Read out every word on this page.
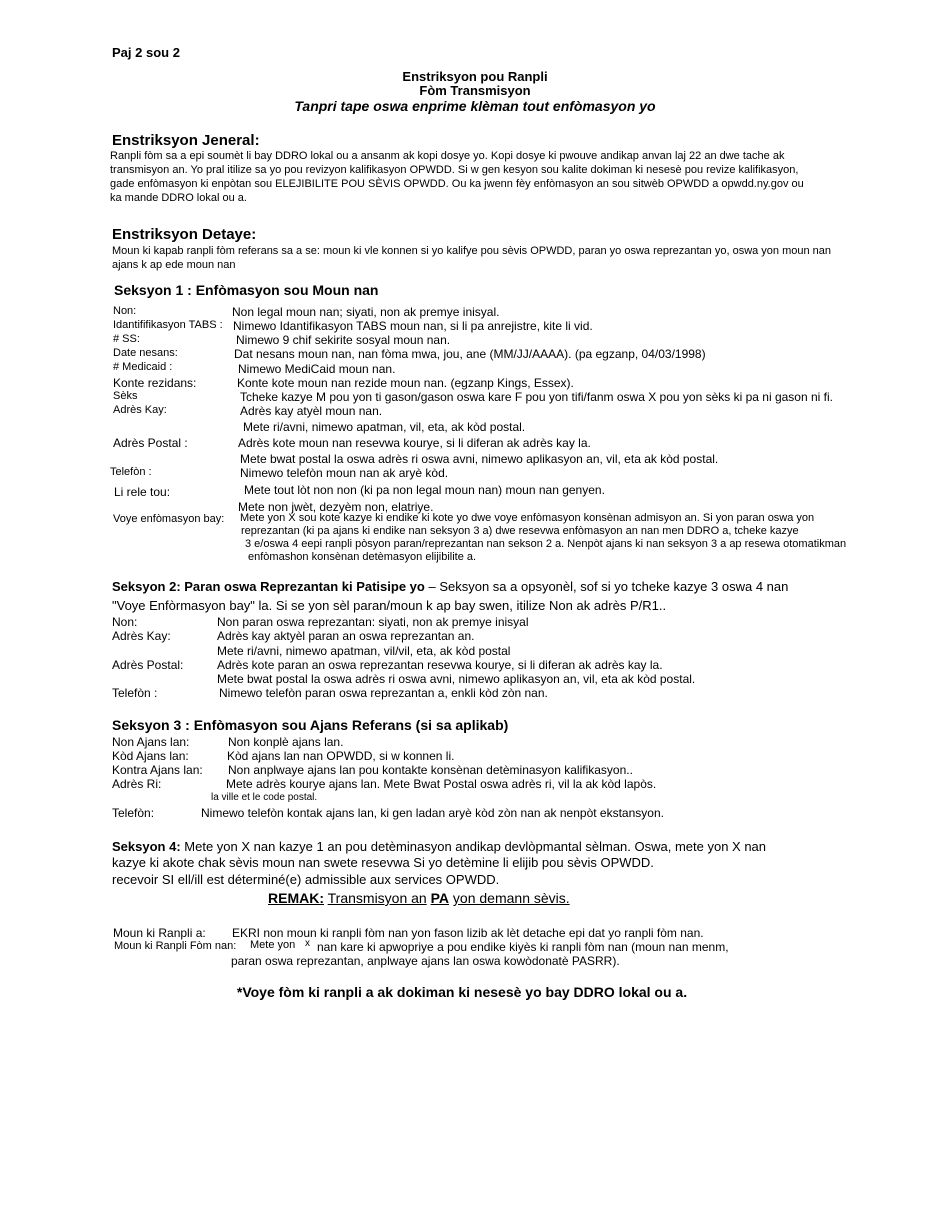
Paj 2 sou 2
Enstriksyon pou Ranpli
Fòm Transmisyon
Tanpri tape oswa enprime klèman tout enfòmasyon yo
Enstriksyon Jeneral:
Ranpli fòm sa a epi soumèt li bay DDRO lokal ou a ansanm ak kopi dosye yo. Kopi dosye ki pwouve andikap anvan laj 22 an dwe tache ak
transmisyon an. Yo pral itilize sa yo pou revizyon kalifikasyon OPWDD. Si w gen kesyon sou kalite dokiman ki nesesè pou revize kalifikasyon,
gade enfòmasyon ki enpòtan sou ELEJIBILITE POU SÈVIS OPWDD. Ou ka jwenn fèy enfòmasyon an sou sitwèb OPWDD a opwdd.ny.gov ou
ka mande DDRO lokal ou a.
Enstriksyon Detaye:
Moun ki kapab ranpli fòm referans sa a se: moun ki vle konnen si yo kalifye pou sèvis OPWDD, paran yo oswa reprezantan yo, oswa yon moun nan
ajans k ap ede moun nan
Seksyon 1 : Enfòmasyon sou Moun nan
Non:	Non legal moun nan; siyati, non ak premye inisyal.
Idantififikasyon TABS : Nimewo Idantifikasyon TABS moun nan, si li pa anrejistre, kite li vid.
# SS:	Nimewo 9 chif sekirite sosyal moun nan.
Date nesans:	Dat nesans moun nan, nan fòma mwa, jou, ane (MM/JJ/AAAA). (pa egzanp, 04/03/1998)
# Medicaid :	Nimewo MediCaid moun nan.
Konte rezidans:	Konte kote moun nan rezide moun nan. (egzanp Kings, Essex).
Sèks	Tcheke kazye M pou yon ti gason/gason oswa kare F pou yon tifi/fanm oswa X pou yon sèks ki pa ni gason ni fi.
Adrès Kay:	Adrès kay atyèl moun nan.
Mete ri/avni, nimewo apatman, vil, eta, ak kòd postal.
Adrès Postal :	Adrès kote moun nan resevwa kourye, si li diferan ak adrès kay la.
Mete bwat postal la oswa adrès ri oswa avni, nimewo aplikasyon an, vil, eta ak kòd postal.
Telefòn :	Nimewo telefòn moun nan ak aryè kòd.
Li rele tou:	Mete tout lòt non non (ki pa non legal moun nan) moun nan genyen.
Mete non jwèt, dezyèm non, elatriye.
Voye enfòmasyon bay: Mete yon X sou kote kazye ki endike ki kote yo dwe voye enfòmasyon konsènan admisyon an. Si yon paran oswa yon
reprezantan (ki pa ajans ki endike nan seksyon 3 a) dwe resevwa enfòmasyon an nan men DDRO a, tcheke kazye
3 e/oswa 4 eepi ranpli pòsyon paran/reprezantan nan sekson 2 a. Nenpòt ajans ki nan seksyon 3 a ap resewa otomatikman
enfòmashon konsènan detèmasyon elijibilite a.
Seksyon 2: Paran oswa Reprezantan ki Patisipe yo – Seksyon sa a opsyonèl, sof si yo tcheke kazye 3 oswa 4 nan
"Voye Enfòrmasyon bay" la. Si se yon sèl paran/moun k ap bay swen, itilize Non ak adrès P/R1..
Non:	Non paran oswa reprezantan: siyati, non ak premye inisyal
Adrès Kay:	Adrès kay aktyèl paran an oswa reprezantan an.
Mete ri/avni, nimewo apatman, vil/vil, eta, ak kòd postal
Adrès Postal:	Adrès kote paran an oswa reprezantan resevwa kourye, si li diferan ak adrès kay la.
Mete bwat postal la oswa adrès ri oswa avni, nimewo aplikasyon an, vil, eta ak kòd postal.
Telefòn :	Nimewo telefòn paran oswa reprezantan a, enkli kòd zòn nan.
Seksyon 3 : Enfòmasyon sou Ajans Referans (si sa aplikab)
Non Ajans lan:	Non konplè ajans lan.
Kòd Ajans lan:	Kòd ajans lan nan OPWDD, si w konnen li.
Kontra Ajans lan: Non anplwaye ajans lan pou kontakte konsènan detèminasyon kalifikasyon..
Adrès Ri:	Mete adrès kourye ajans lan. Mete Bwat Postal oswa adrès ri, vil la ak kòd lapòs.
la ville et le code postal.
Telefòn:	Nimewo telefòn kontak ajans lan, ki gen ladan aryè kòd zòn nan ak nenpòt ekstansyon.
Seksyon 4: Mete yon X nan kazye 1 an pou detèminasyon andikap devlòpmantal sèlman. Oswa, mete yon X nan
kazye ki akote chak sèvis moun nan swete resevwa Si yo detèmine li elijib pou sèvis OPWDD.
recevoir SI ell/ill est déterminé(e) admissible aux services OPWDD.
REMAK: Transmisyon an PA yon demann sèvis.
Moun ki Ranpli a: EKRI non moun ki ranpli fòm nan yon fason lizib ak lèt detache epi dat yo ranpli fòm nan.
Moun ki Ranpli Fòm nan: Mete yon x nan kare ki apwopriye a pou endike kiyès ki ranpli fòm nan (moun nan menm,
paran oswa reprezantan, anplwaye ajans lan oswa kowòdonatè PASRR).
*Voye fòm ki ranpli a ak dokiman ki nesesè yo bay DDRO lokal ou a.
